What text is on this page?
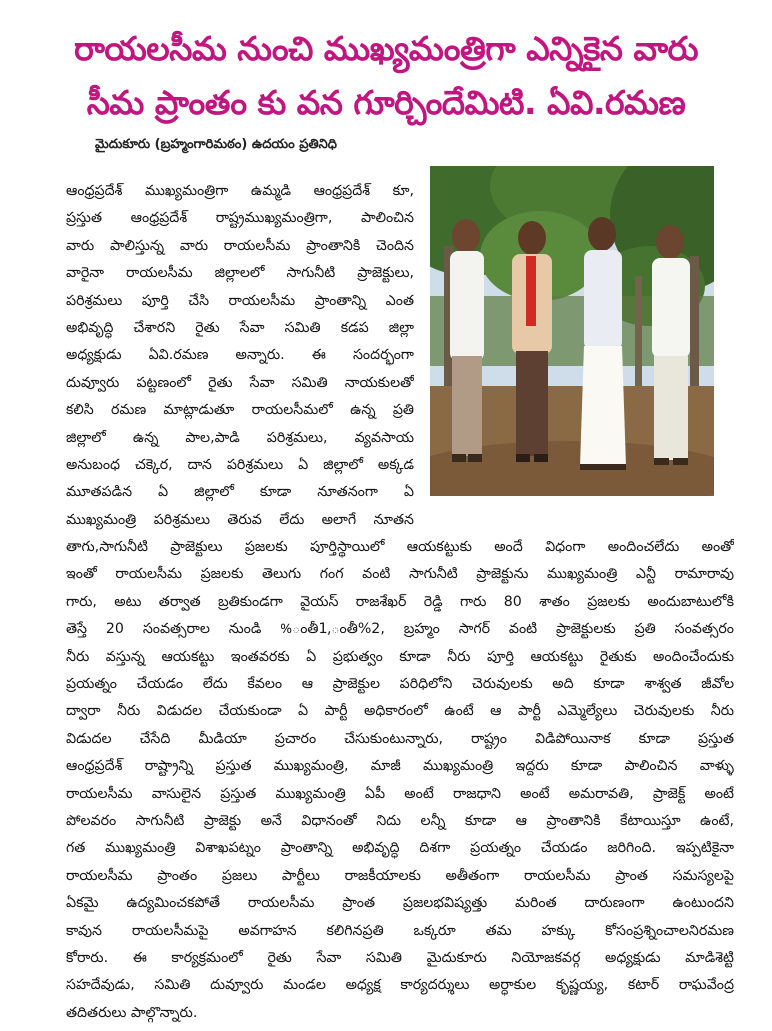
రాయలసీమ నుంచి ముఖ్యమంత్రిగా ఎన్నికైన వారు
సీమ ప్రాంతం కు వన గూర్చిందేమిటి. ఏవి.రమణ
మైదుకూరు (బ్రహ్మంగారిమఠం) ఉదయం ప్రతినిధి
ఆంధ్రప్రదేశ్ ముఖ్యమంత్రిగా ఉమ్మడి ఆంధ్రప్రదేశ్ కూ,
ప్రస్తుత ఆంధ్రప్రదేశ్ రాష్ట్రముఖ్యమంత్రిగా, పాలించిన
వారు పాలిస్తున్న వారు రాయలసీమ ప్రాంతానికి చెందిన
వారైనా రాయలసీమ జిల్లాలలో సాగునీటి ప్రాజెక్టులు,
పరిశ్రమలు పూర్తి చేసి రాయలసీమ ప్రాంతాన్ని ఎంత
అభివృద్ధి చేశారని రైతు సేవా సమితి కడప జిల్లా
అధ్యక్షుడు ఏవి.రమణ అన్నారు. ఈ సందర్భంగా
దువ్వూరు పట్టణంలో రైతు సేవా సమితి నాయకులతో
కలిసి రమణ మాట్లాడుతూ రాయలసీమలో ఉన్న ప్రతి
జిల్లాలో ఉన్న పాల,పాడి పరిశ్రమలు, వ్యవసాయ
అనుబంధ చక్కెర, దాన పరిశ్రమలు ఏ జిల్లాలో అక్కడ
మూతపడిన ఏ జిల్లాలో కూడా నూతనంగా ఏ
ముఖ్యమంత్రి పరిశ్రమలు తెరువ లేదు అలాగే నూతన
తాగు,సాగునీటి ప్రాజెక్టులు ప్రజలకు పూర్తిస్థాయిలో ఆయకట్టుకు అందే విధంగా అందించలేదు అంతో
ఇంతో రాయలసీమ ప్రజలకు తెలుగు గంగ వంటి సాగునీటి ప్రాజెక్టును ముఖ్యమంత్రి ఎన్టీ రామారావు
గారు, అటు తర్వాత బ్రతికుండగా వైయస్ రాజశేఖర్ రెడ్డి గారు 80 శాతం ప్రజలకు అందుబాటులోకి
తెస్తే 20 సంవత్సరాల నుండి %ంతీ1,ంతీ%2, బ్రహ్మం సాగర్ వంటి ప్రాజెక్టులకు ప్రతి సంవత్సరం
నీరు వస్తున్న ఆయకట్టు ఇంతవరకు ఏ ప్రభుత్వం కూడా నీరు పూర్తి ఆయకట్టు రైతుకు అందించేందుకు
ప్రయత్నం చేయడం లేదు కేవలం ఆ ప్రాజెక్టుల పరిధిలోని చెరువులకు అది కూడా శాశ్వత జీవోల
ద్వారా నీరు విడుదల చేయకుండా ఏ పార్టీ అధికారంలో ఉంటే ఆ పార్టీ ఎమ్మెల్యేలు చెరువులకు నీరు
విడుదల చేసేది మీడియా ప్రచారం చేసుకుంటున్నారు, రాష్ట్రం విడిపోయినాక కూడా ప్రస్తుత
ఆంధ్రప్రదేశ్ రాష్ట్రాన్ని ప్రస్తుత ముఖ్యమంత్రి, మాజీ ముఖ్యమంత్రి ఇద్దరు కూడా పాలించిన వాళ్ళు
రాయలసీమ వాసులైన ప్రస్తుత ముఖ్యమంత్రి ఏపీ అంటే రాజధాని అంటే అమరావతి, ప్రాజెక్ట్ అంటే
పోలవరం సాగునీటి ప్రాజెక్టు అనే విధానంతో నిదు లన్నీ కూడా ఆ ప్రాంతానికి కేటాయిస్తూ ఉంటే,
గత ముఖ్యమంత్రి విశాఖపట్నం ప్రాంతాన్ని అభివృద్ధి దిశగా ప్రయత్నం చేయడం జరిగింది. ఇప్పటికైనా
రాయలసీమ ప్రాంతం ప్రజలు పార్టీలు రాజకీయాలకు అతీతంగా రాయలసీమ ప్రాంత సమస్యలపై
ఏకమై ఉద్యమించకపోతే రాయలసీమ ప్రాంత ప్రజలభవిష్యత్తు మరింత దారుణంగా ఉంటుందని
కావున రాయలసీమపై అవగాహన కలిగినప్రతి ఒక్కరూ తమ హక్కు కోసంప్రశ్నించాలనిరమణ
కోరారు. ఈ కార్యక్రమంలో రైతు సేవా సమితి మైదుకూరు నియోజకవర్గ అధ్యక్షుడు మాడిశెట్టి
సహదేవుడు, సమితి దువ్వూరు మండల అధ్యక్ష కార్యదర్శులు అర్ధాకుల కృష్ణయ్య, కటార్ రాఘవేంద్ర
తదితరులు పాల్గొన్నారు.
